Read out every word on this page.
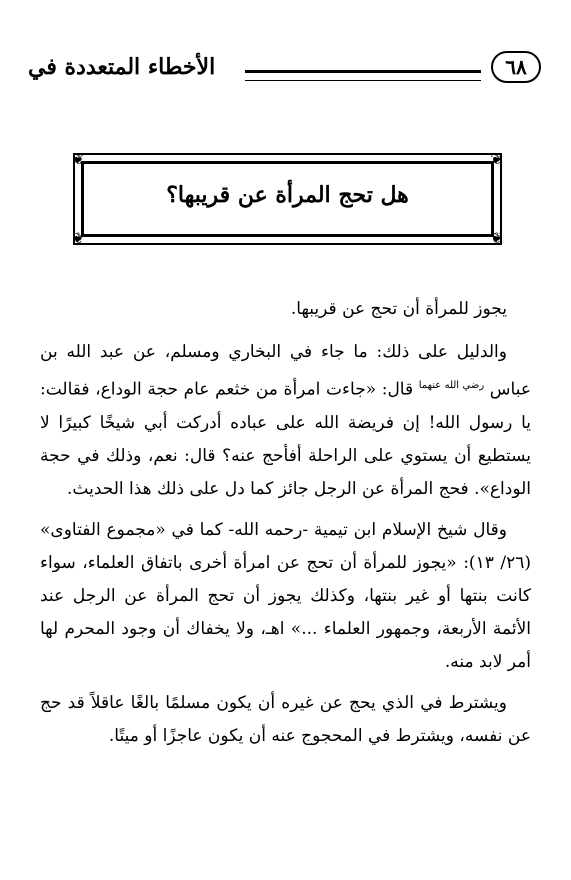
الأخطاء المتعددة في	٦٨
❦	❦
❦	❦
هل تحج المرأة عن قريبها؟

يجوز للمرأة أن تحج عن قريبها.

والدليل على ذلك: ما جاء في البخاري ومسلم، عن عبد الله بن عباس $^{رضي الله عنهما}$ قال: «جاءت امرأة من خثعم عام حجة الوداع، فقالت: يا رسول الله! إن فريضة الله على عباده أدركت أبي شيخًا كبيرًا لا يستطيع أن يستوي على الراحلة أفأحج عنه؟ قال: نعم، وذلك في حجة الوداع». فحج المرأة عن الرجل جائز كما دل على ذلك هذا الحديث.

وقال شيخ الإسلام ابن تيمية -رحمه الله- كما في «مجموع الفتاوى» (٢٦/ ١٣): «يجوز للمرأة أن تحج عن امرأة أخرى باتفاق العلماء، سواء كانت بنتها أو غير بنتها، وكذلك يجوز أن تحج المرأة عن الرجل عند الأئمة الأربعة، وجمهور العلماء ...» اهـ، ولا يخفاك أن وجود المحرم لها أمر لابد منه.

ويشترط في الذي يحج عن غيره أن يكون مسلمًا بالغًا عاقلاً قد حج عن نفسه، ويشترط في المحجوج عنه أن يكون عاجزًا أو ميتًا.
